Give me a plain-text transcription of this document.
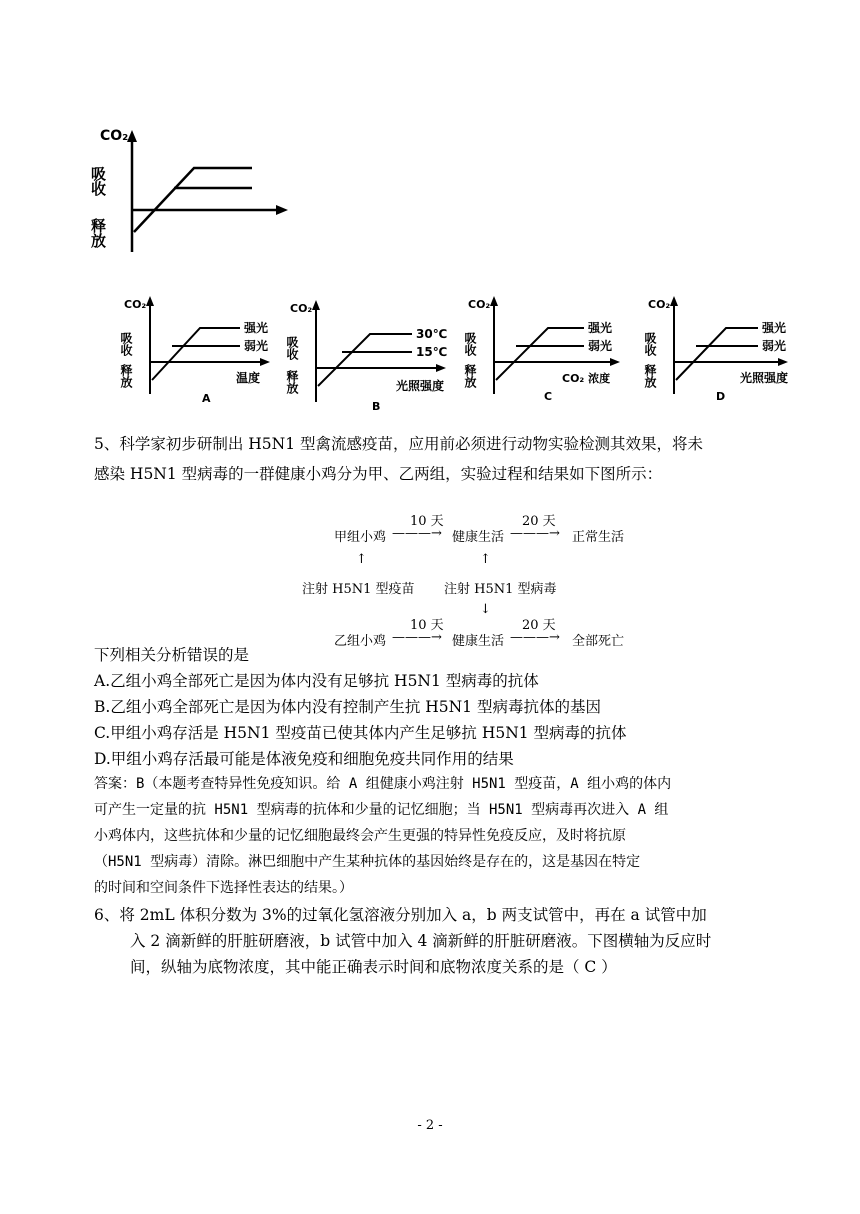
CO₂
吸收
释放
CO₂
吸收
释放
强光
弱光
温度
A
CO₂
吸收
释放
30℃
15℃
光照强度
B
CO₂
吸收
释放
强光
弱光
CO₂ 浓度
C
CO₂
吸收
释放
强光
弱光
光照强度
D
5、科学家初步研制出 H5N1 型禽流感疫苗，应用前必须进行动物实验检测其效果，将未
感染 H5N1 型病毒的一群健康小鸡分为甲、乙两组，实验过程和结果如下图所示：
10 天	20 天
甲组小鸡 ———→ 健康生活 ———→ 正常生活
↑	↑
注射 H5N1 型疫苗 注射 H5N1 型病毒
↓
10 天	20 天
乙组小鸡 ———→ 健康生活 ———→ 全部死亡
下列相关分析错误的是
A.乙组小鸡全部死亡是因为体内没有足够抗 H5N1 型病毒的抗体
B.乙组小鸡全部死亡是因为体内没有控制产生抗 H5N1 型病毒抗体的基因
C.甲组小鸡存活是 H5N1 型疫苗已使其体内产生足够抗 H5N1 型病毒的抗体
D.甲组小鸡存活最可能是体液免疫和细胞免疫共同作用的结果
答案：B（本题考查特异性免疫知识。给 A 组健康小鸡注射 H5N1 型疫苗，A 组小鸡的体内
可产生一定量的抗 H5N1 型病毒的抗体和少量的记忆细胞；当 H5N1 型病毒再次进入 A 组
小鸡体内，这些抗体和少量的记忆细胞最终会产生更强的特异性免疫反应，及时将抗原
（H5N1 型病毒）清除。淋巴细胞中产生某种抗体的基因始终是存在的，这是基因在特定
的时间和空间条件下选择性表达的结果。）
6、将 2mL 体积分数为 3%的过氧化氢溶液分别加入 a，b 两支试管中，再在 a 试管中加
入 2 滴新鲜的肝脏研磨液，b 试管中加入 4 滴新鲜的肝脏研磨液。下图横轴为反应时
间，纵轴为底物浓度，其中能正确表示时间和底物浓度关系的是（ C ）
- 2 -
